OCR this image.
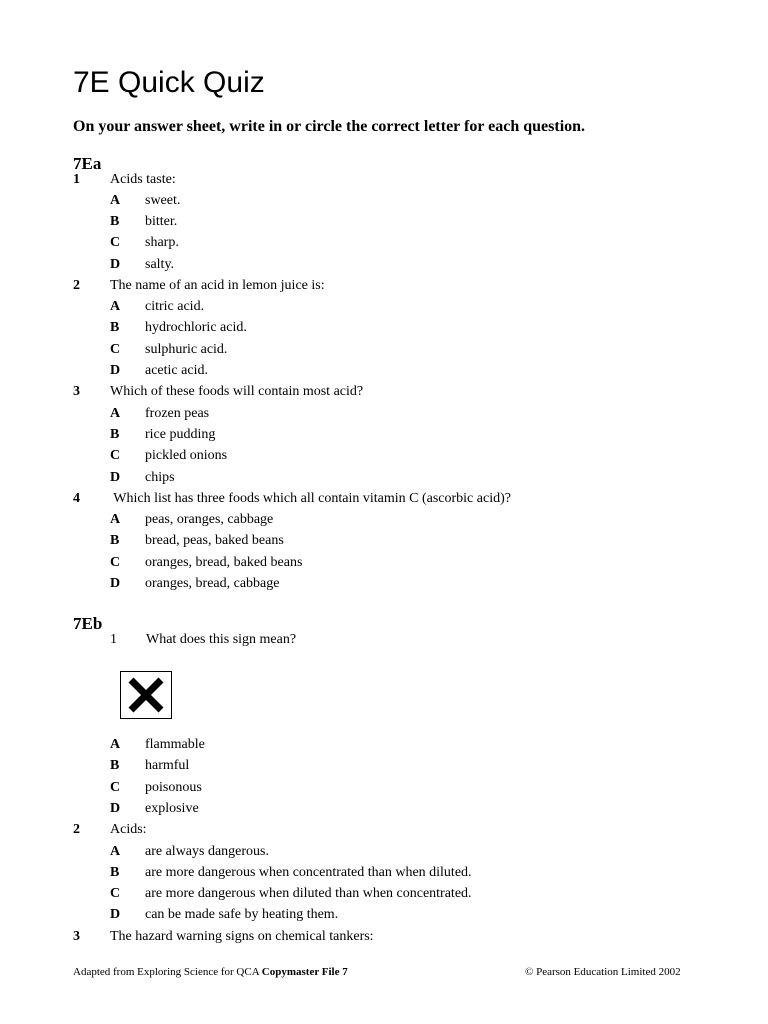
7E Quick Quiz
On your answer sheet, write in or circle the correct letter for each question.
7Ea
1 Acids taste:
A sweet.
B bitter.
C sharp.
D salty.
2 The name of an acid in lemon juice is:
A citric acid.
B hydrochloric acid.
C sulphuric acid.
D acetic acid.
3 Which of these foods will contain most acid?
A frozen peas
B rice pudding
C pickled onions
D chips
4 Which list has three foods which all contain vitamin C (ascorbic acid)?
A peas, oranges, cabbage
B bread, peas, baked beans
C oranges, bread, baked beans
D oranges, bread, cabbage
7Eb
1 What does this sign mean?
A flammable
B harmful
C poisonous
D explosive
2 Acids:
A are always dangerous.
B are more dangerous when concentrated than when diluted.
C are more dangerous when diluted than when concentrated.
D can be made safe by heating them.
3 The hazard warning signs on chemical tankers:
Adapted from Exploring Science for QCA Copymaster File 7	© Pearson Education Limited 2002
